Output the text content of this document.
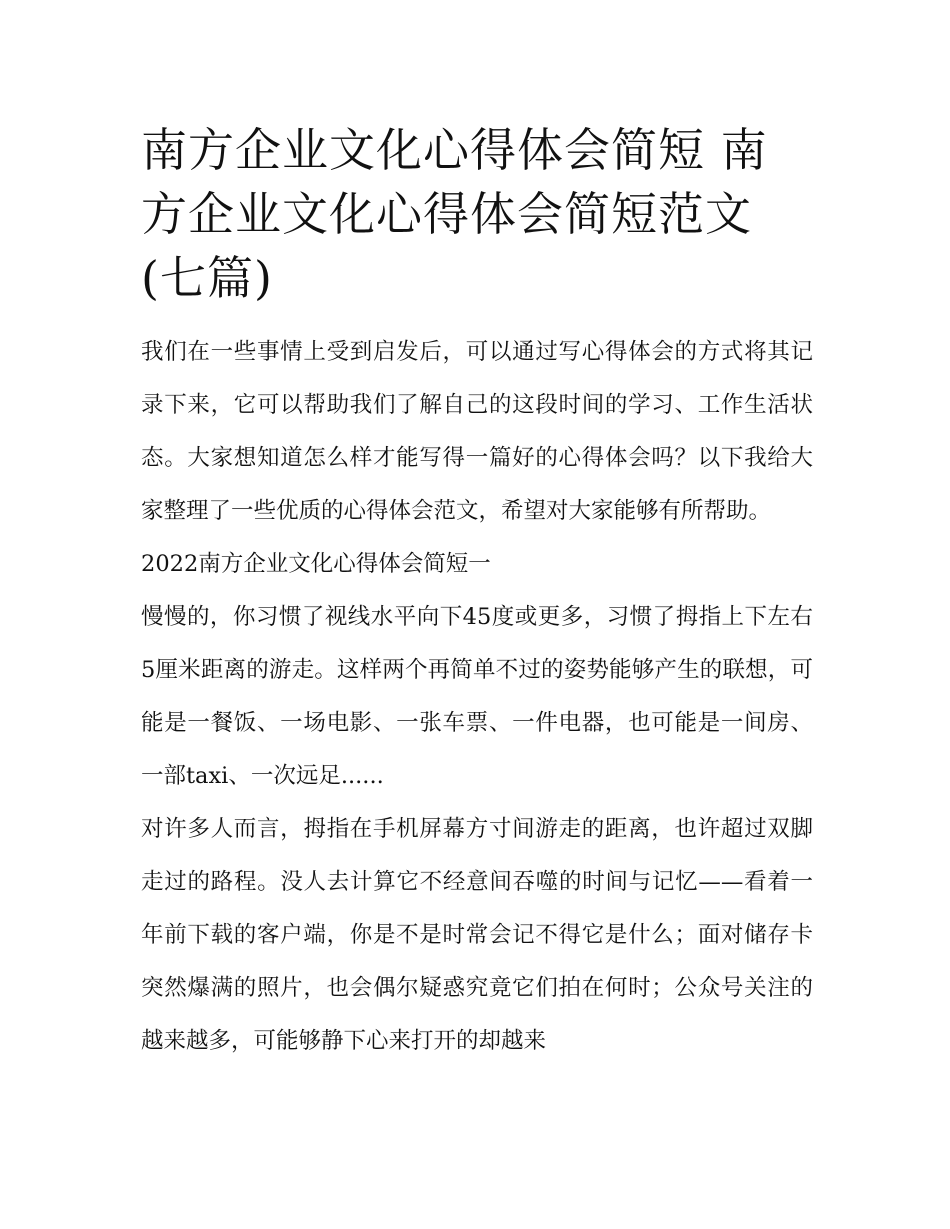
南方企业文化心得体会简短 南方企业文化心得体会简短范文(七篇)

我们在一些事情上受到启发后，可以通过写心得体会的方式将其记录下来，它可以帮助我们了解自己的这段时间的学习、工作生活状态。大家想知道怎么样才能写得一篇好的心得体会吗？以下我给大家整理了一些优质的心得体会范文，希望对大家能够有所帮助。

2022南方企业文化心得体会简短一

慢慢的，你习惯了视线水平向下45度或更多，习惯了拇指上下左右5厘米距离的游走。这样两个再简单不过的姿势能够产生的联想，可能是一餐饭、一场电影、一张车票、一件电器，也可能是一间房、一部taxi、一次远足......

对许多人而言，拇指在手机屏幕方寸间游走的距离，也许超过双脚走过的路程。没人去计算它不经意间吞噬的时间与记忆——看着一年前下载的客户端，你是不是时常会记不得它是什么；面对储存卡突然爆满的照片，也会偶尔疑惑究竟它们拍在何时；公众号关注的越来越多，可能够静下心来打开的却越来
